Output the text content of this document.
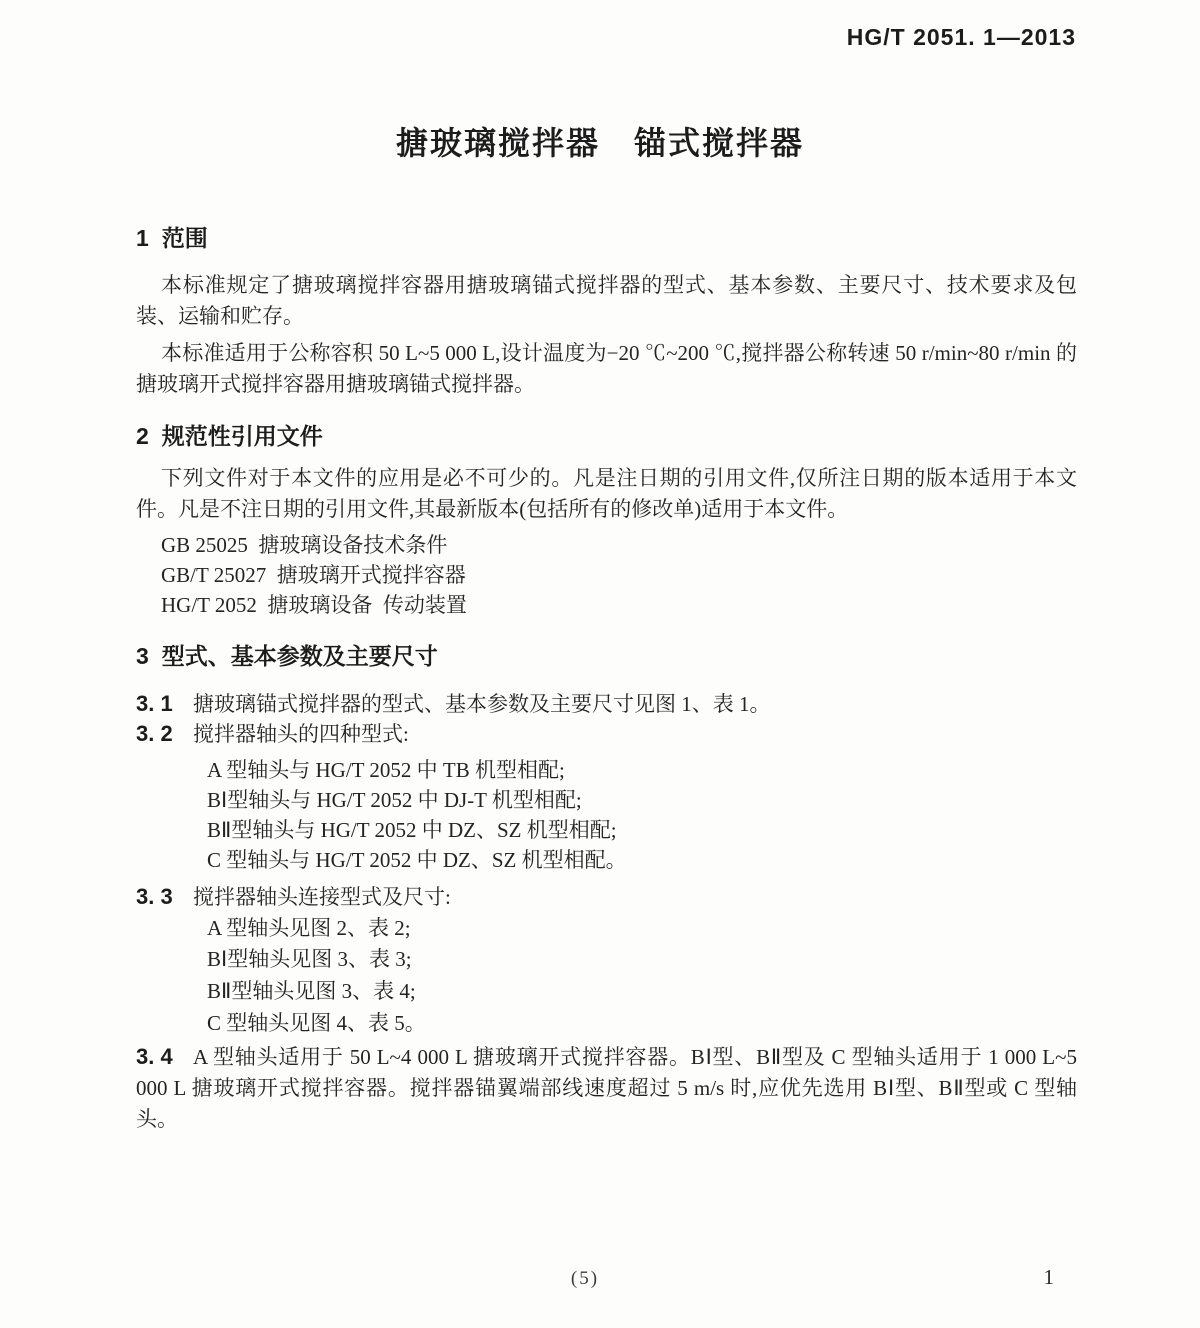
HG/T 2051. 1—2013
搪玻璃搅拌器　锚式搅拌器
1 范围

本标准规定了搪玻璃搅拌容器用搪玻璃锚式搅拌器的型式、基本参数、主要尺寸、技术要求及包装、运输和贮存。

本标准适用于公称容积 50 L~5 000 L,设计温度为−20 ℃~200 ℃,搅拌器公称转速 50 r/min~80 r/min 的搪玻璃开式搅拌容器用搪玻璃锚式搅拌器。

2 规范性引用文件

下列文件对于本文件的应用是必不可少的。凡是注日期的引用文件,仅所注日期的版本适用于本文件。凡是不注日期的引用文件,其最新版本(包括所有的修改单)适用于本文件。

GB 25025  搪玻璃设备技术条件
GB/T 25027  搪玻璃开式搅拌容器
HG/T 2052  搪玻璃设备  传动装置
3 型式、基本参数及主要尺寸

3. 1 搪玻璃锚式搅拌器的型式、基本参数及主要尺寸见图 1、表 1。

3. 2 搅拌器轴头的四种型式:

A 型轴头与 HG/T 2052 中 TB 机型相配;
BⅠ型轴头与 HG/T 2052 中 DJ-T 机型相配;
BⅡ型轴头与 HG/T 2052 中 DZ、SZ 机型相配;
C 型轴头与 HG/T 2052 中 DZ、SZ 机型相配。

3. 3 搅拌器轴头连接型式及尺寸:

A 型轴头见图 2、表 2;
BⅠ型轴头见图 3、表 3;
BⅡ型轴头见图 3、表 4;
C 型轴头见图 4、表 5。

3. 4 A 型轴头适用于 50 L~4 000 L 搪玻璃开式搅拌容器。BⅠ型、BⅡ型及 C 型轴头适用于 1 000 L~5 000 L 搪玻璃开式搅拌容器。搅拌器锚翼端部线速度超过 5 m/s 时,应优先选用 BⅠ型、BⅡ型或 C 型轴头。

(5)	1
